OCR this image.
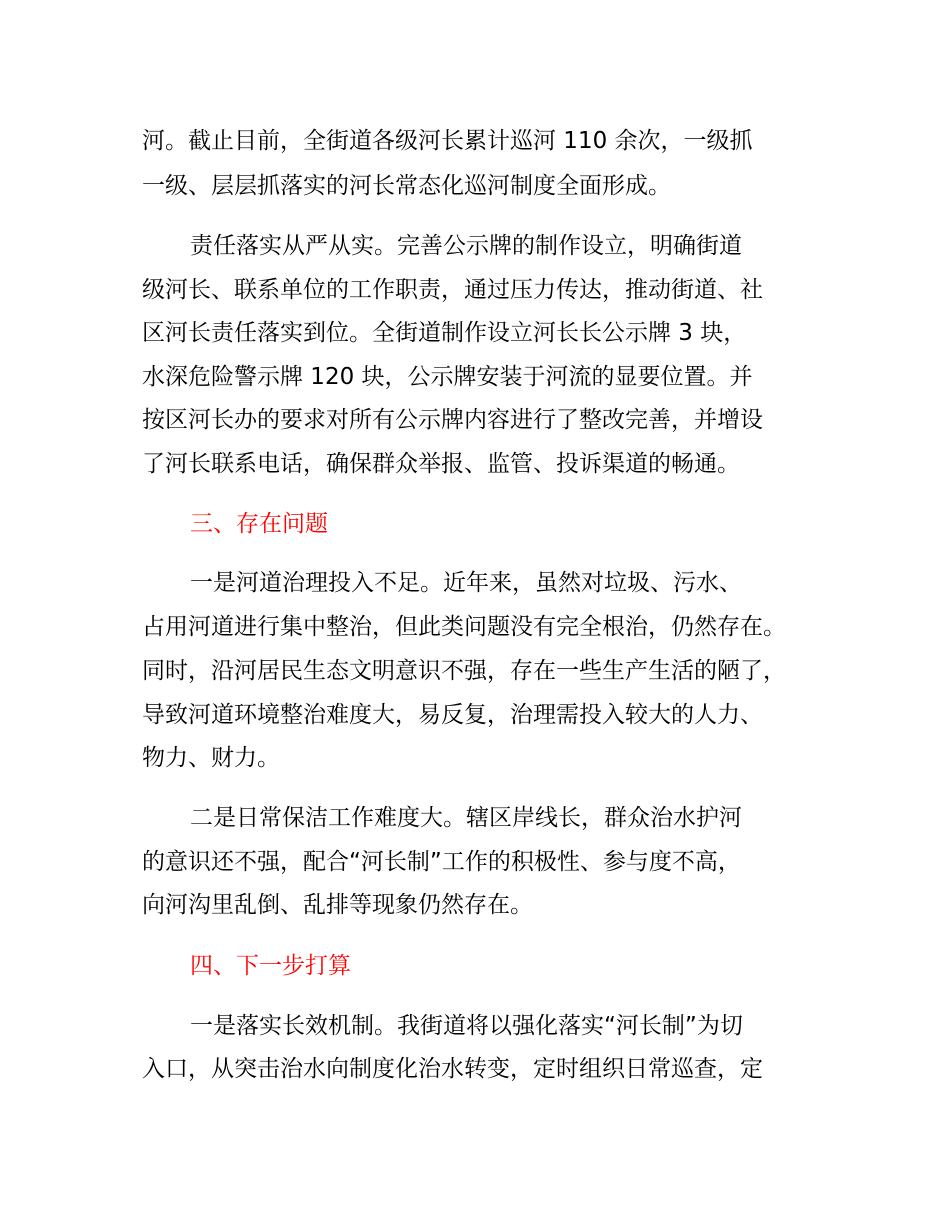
河。截止目前，全街道各级河长累计巡河 110 余次，一级抓
一级、层层抓落实的河长常态化巡河制度全面形成。
责任落实从严从实。完善公示牌的制作设立，明确街道
级河长、联系单位的工作职责，通过压力传达，推动街道、社
区河长责任落实到位。全街道制作设立河长长公示牌 3 块，
水深危险警示牌 120 块，公示牌安装于河流的显要位置。并
按区河长办的要求对所有公示牌内容进行了整改完善，并增设
了河长联系电话，确保群众举报、监管、投诉渠道的畅通。
三、存在问题
一是河道治理投入不足。近年来，虽然对垃圾、污水、
占用河道进行集中整治，但此类问题没有完全根治，仍然存在。
同时，沿河居民生态文明意识不强，存在一些生产生活的陋了，
导致河道环境整治难度大，易反复，治理需投入较大的人力、
物力、财力。
二是日常保洁工作难度大。辖区岸线长，群众治水护河
的意识还不强，配合“河长制”工作的积极性、参与度不高，
向河沟里乱倒、乱排等现象仍然存在。
四、下一步打算
一是落实长效机制。我街道将以强化落实“河长制”为切
入口，从突击治水向制度化治水转变，定时组织日常巡查，定
